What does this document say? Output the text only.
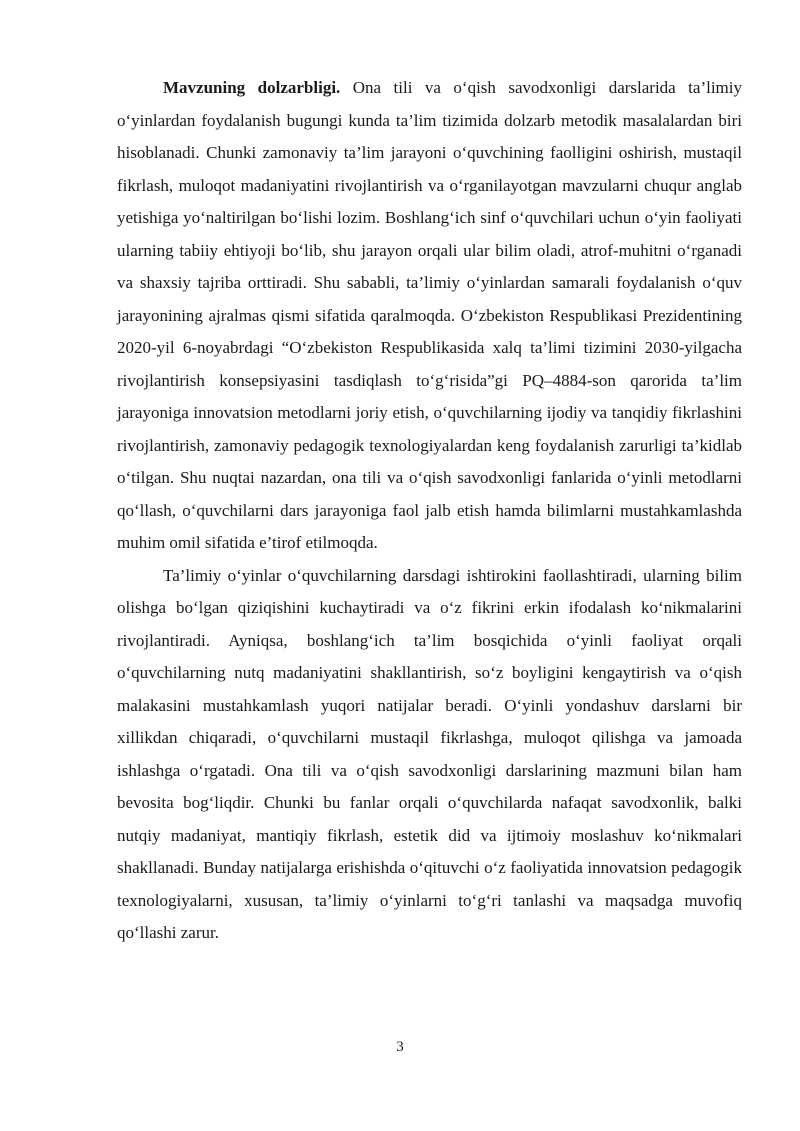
Mavzuning dolzarbligi. Ona tili va o‘qish savodxonligi darslarida ta’limiy o‘yinlardan foydalanish bugungi kunda ta’lim tizimida dolzarb metodik masalalardan biri hisoblanadi. Chunki zamonaviy ta’lim jarayoni o‘quvchining faolligini oshirish, mustaqil fikrlash, muloqot madaniyatini rivojlantirish va o‘rganilayotgan mavzularni chuqur anglab yetishiga yo‘naltirilgan bo‘lishi lozim. Boshlang‘ich sinf o‘quvchilari uchun o‘yin faoliyati ularning tabiiy ehtiyoji bo‘lib, shu jarayon orqali ular bilim oladi, atrof-muhitni o‘rganadi va shaxsiy tajriba orttiradi. Shu sababli, ta’limiy o‘yinlardan samarali foydalanish o‘quv jarayonining ajralmas qismi sifatida qaralmoqda. O‘zbekiston Respublikasi Prezidentining 2020-yil 6-noyabrdagi “O‘zbekiston Respublikasida xalq ta’limi tizimini 2030-yilgacha rivojlantirish konsepsiyasini tasdiqlash to‘g‘risida”gi PQ–4884-son qarorida ta’lim jarayoniga innovatsion metodlarni joriy etish, o‘quvchilarning ijodiy va tanqidiy fikrlashini rivojlantirish, zamonaviy pedagogik texnologiyalardan keng foydalanish zarurligi ta’kidlab o‘tilgan. Shu nuqtai nazardan, ona tili va o‘qish savodxonligi fanlarida o‘yinli metodlarni qo‘llash, o‘quvchilarni dars jarayoniga faol jalb etish hamda bilimlarni mustahkamlashda muhim omil sifatida e’tirof etilmoqda.

Ta’limiy o‘yinlar o‘quvchilarning darsdagi ishtirokini faollashtiradi, ularning bilim olishga bo‘lgan qiziqishini kuchaytiradi va o‘z fikrini erkin ifodalash ko‘nikmalarini rivojlantiradi. Ayniqsa, boshlang‘ich ta’lim bosqichida o‘yinli faoliyat orqali o‘quvchilarning nutq madaniyatini shakllantirish, so‘z boyligini kengaytirish va o‘qish malakasini mustahkamlash yuqori natijalar beradi. O‘yinli yondashuv darslarni bir xillikdan chiqaradi, o‘quvchilarni mustaqil fikrlashga, muloqot qilishga va jamoada ishlashga o‘rgatadi. Ona tili va o‘qish savodxonligi darslarining mazmuni bilan ham bevosita bog‘liqdir. Chunki bu fanlar orqali o‘quvchilarda nafaqat savodxonlik, balki nutqiy madaniyat, mantiqiy fikrlash, estetik did va ijtimoiy moslashuv ko‘nikmalari shakllanadi. Bunday natijalarga erishishda o‘qituvchi o‘z faoliyatida innovatsion pedagogik texnologiyalarni, xususan, ta’limiy o‘yinlarni to‘g‘ri tanlashi va maqsadga muvofiq qo‘llashi zarur.

3
